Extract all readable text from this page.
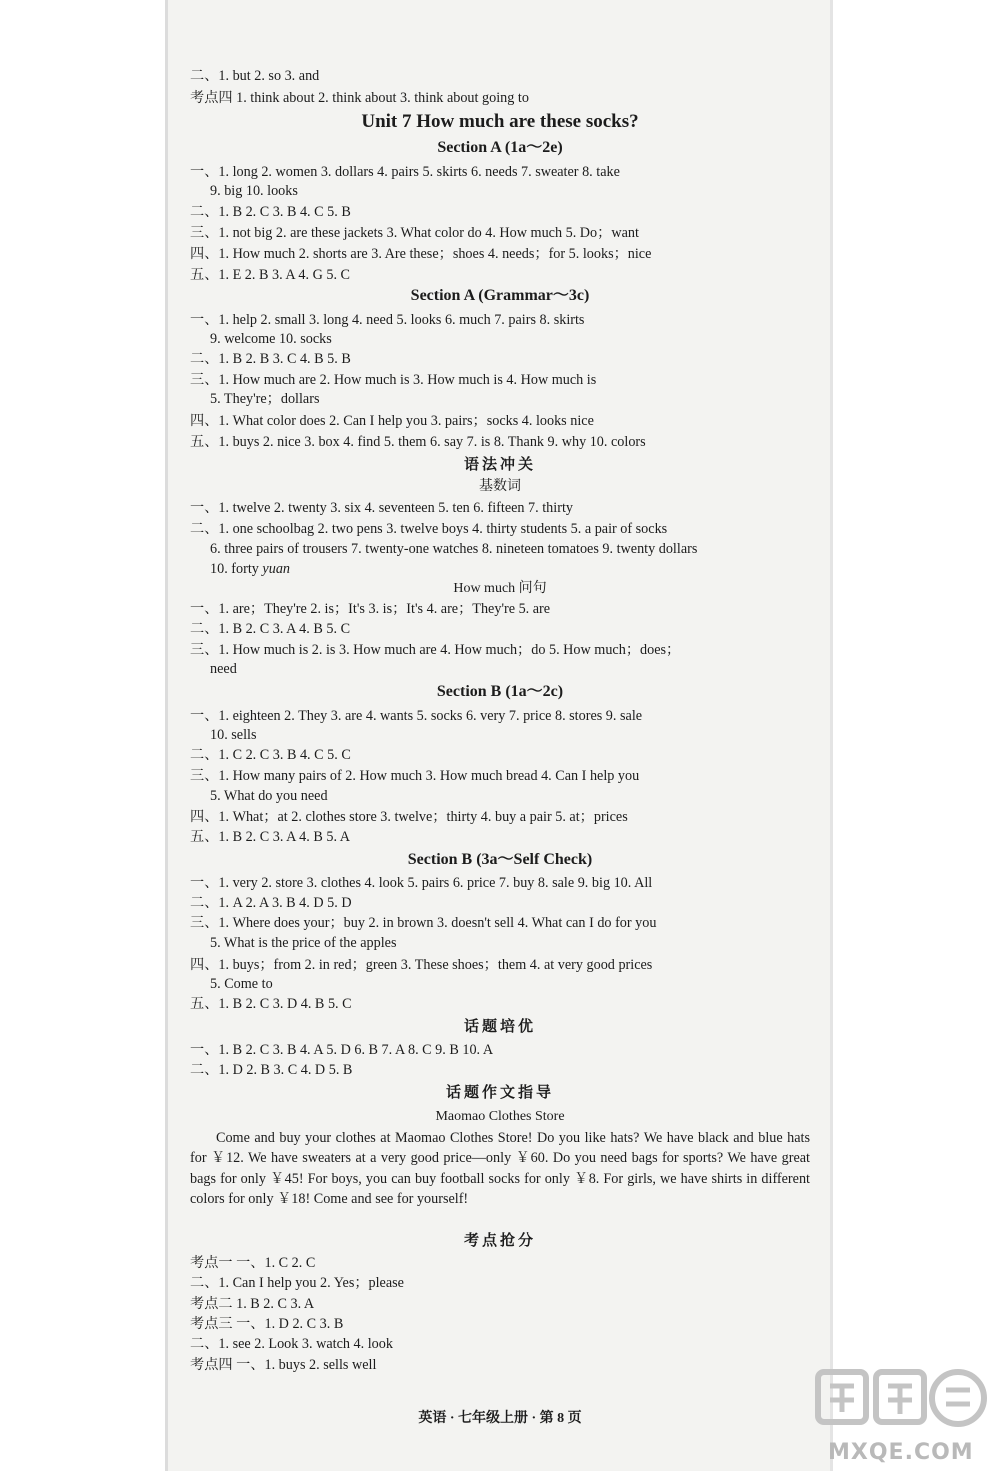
二、1. but 2. so 3. and
考点四 1. think about 2. think about 3. think about going to
Unit 7 How much are these socks?
Section A (1a～2e)
一、1. long 2. women 3. dollars 4. pairs 5. skirts 6. needs 7. sweater 8. take
9. big 10. looks
二、1. B 2. C 3. B 4. C 5. B
三、1. not big 2. are these jackets 3. What color do 4. How much 5. Do；want
四、1. How much 2. shorts are 3. Are these；shoes 4. needs；for 5. looks；nice
五、1. E 2. B 3. A 4. G 5. C
Section A (Grammar～3c)
一、1. help 2. small 3. long 4. need 5. looks 6. much 7. pairs 8. skirts
9. welcome 10. socks
二、1. B 2. B 3. C 4. B 5. B
三、1. How much are 2. How much is 3. How much is 4. How much is
5. They're；dollars
四、1. What color does 2. Can I help you 3. pairs；socks 4. looks nice
五、1. buys 2. nice 3. box 4. find 5. them 6. say 7. is 8. Thank 9. why 10. colors
语法冲关
基数词
一、1. twelve 2. twenty 3. six 4. seventeen 5. ten 6. fifteen 7. thirty
二、1. one schoolbag 2. two pens 3. twelve boys 4. thirty students 5. a pair of socks
6. three pairs of trousers 7. twenty-one watches 8. nineteen tomatoes 9. twenty dollars
10. forty yuan
How much 问句
一、1. are；They're 2. is；It's 3. is；It's 4. are；They're 5. are
二、1. B 2. C 3. A 4. B 5. C
三、1. How much is 2. is 3. How much are 4. How much；do 5. How much；does；
need
Section B (1a～2c)
一、1. eighteen 2. They 3. are 4. wants 5. socks 6. very 7. price 8. stores 9. sale
10. sells
二、1. C 2. C 3. B 4. C 5. C
三、1. How many pairs of 2. How much 3. How much bread 4. Can I help you
5. What do you need
四、1. What；at 2. clothes store 3. twelve；thirty 4. buy a pair 5. at；prices
五、1. B 2. C 3. A 4. B 5. A
Section B (3a～Self Check)
一、1. very 2. store 3. clothes 4. look 5. pairs 6. price 7. buy 8. sale 9. big 10. All
二、1. A 2. A 3. B 4. D 5. D
三、1. Where does your；buy 2. in brown 3. doesn't sell 4. What can I do for you
5. What is the price of the apples
四、1. buys；from 2. in red；green 3. These shoes；them 4. at very good prices
5. Come to
五、1. B 2. C 3. D 4. B 5. C
话题培优
一、1. B 2. C 3. B 4. A 5. D 6. B 7. A 8. C 9. B 10. A
二、1. D 2. B 3. C 4. D 5. B
话题作文指导
Maomao Clothes Store
Come and buy your clothes at Maomao Clothes Store! Do you like hats? We have black and blue hats for ￥12. We have sweaters at a very good price—only ￥60. Do you need bags for sports? We have great bags for only ￥45! For boys, you can buy football socks for only ￥8. For girls, we have shirts in different colors for only ￥18! Come and see for yourself!
考点抢分
考点一 一、1. C 2. C
二、1. Can I help you 2. Yes；please
考点二 1. B 2. C 3. A
考点三 一、1. D 2. C 3. B
二、1. see 2. Look 3. watch 4. look
考点四 一、1. buys 2. sells well
英语 · 七年级上册 · 第 8 页
MXQE.COM
